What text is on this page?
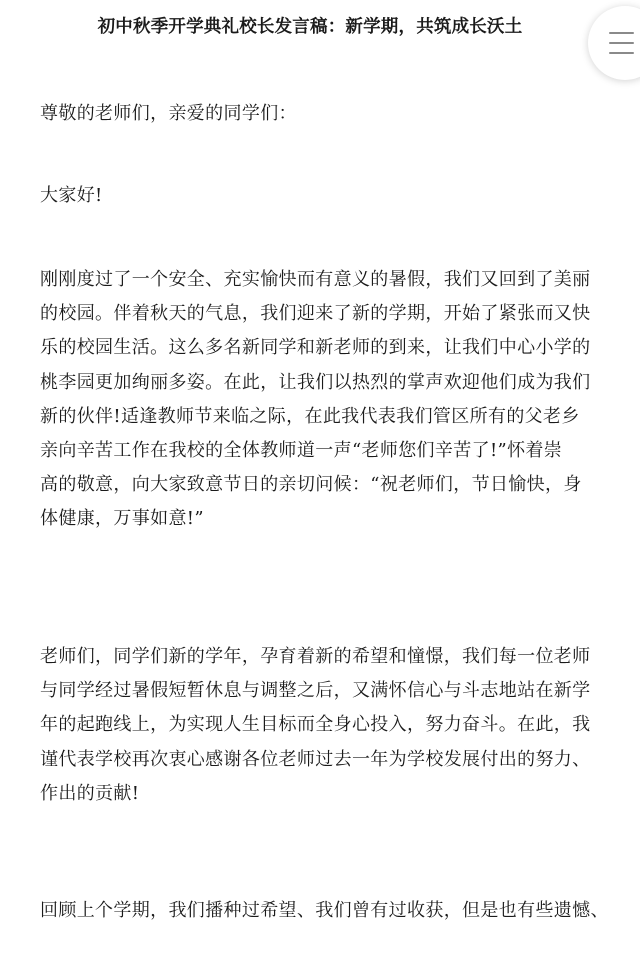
初中秋季开学典礼校长发言稿：新学期，共筑成长沃土

尊敬的老师们，亲爱的同学们：

大家好!

刚刚度过了一个安全、充实愉快而有意义的暑假，我们又回到了美丽
的校园。伴着秋天的气息，我们迎来了新的学期，开始了紧张而又快
乐的校园生活。这么多名新同学和新老师的到来，让我们中心小学的
桃李园更加绚丽多姿。在此，让我们以热烈的掌声欢迎他们成为我们
新的伙伴!适逢教师节来临之际，在此我代表我们管区所有的父老乡
亲向辛苦工作在我校的全体教师道一声“老师您们辛苦了!”怀着崇
高的敬意，向大家致意节日的亲切问候：“祝老师们，节日愉快，身
体健康，万事如意!”

老师们，同学们新的学年，孕育着新的希望和憧憬，我们每一位老师
与同学经过暑假短暂休息与调整之后，又满怀信心与斗志地站在新学
年的起跑线上，为实现人生目标而全身心投入，努力奋斗。在此，我
谨代表学校再次衷心感谢各位老师过去一年为学校发展付出的努力、
作出的贡献!

回顾上个学期，我们播种过希望、我们曾有过收获，但是也有些遗憾、
